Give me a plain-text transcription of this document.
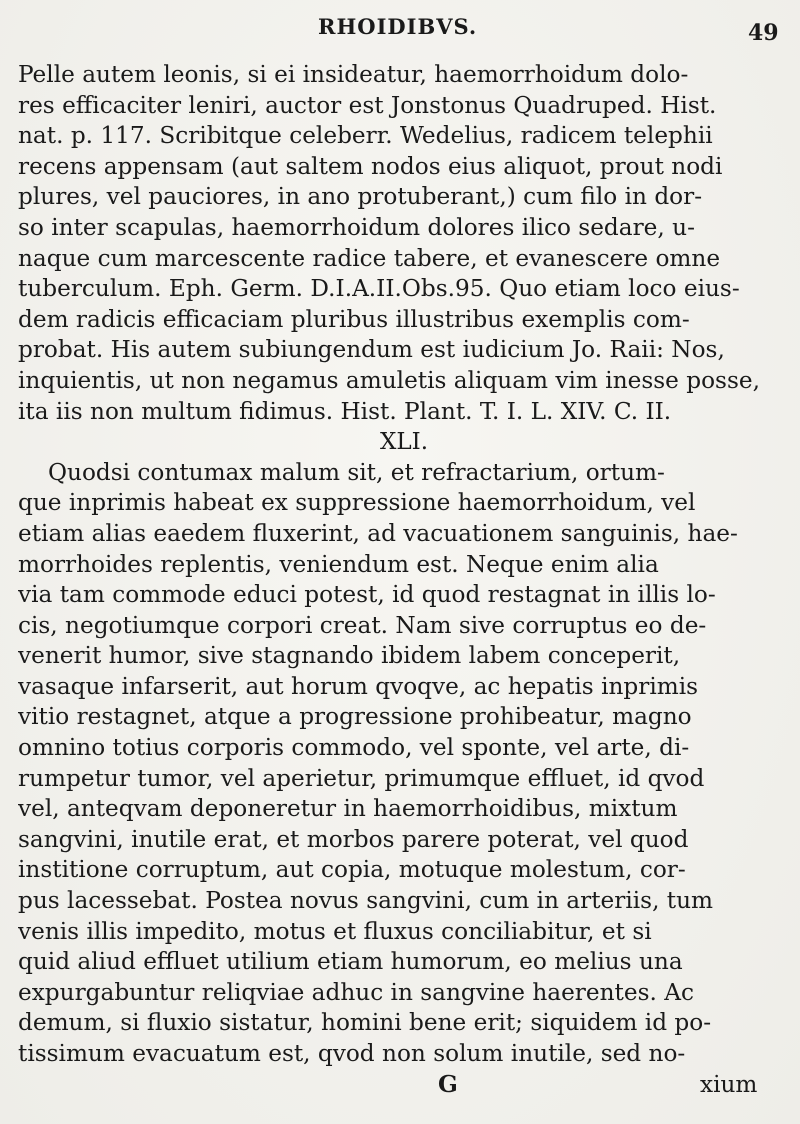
RHOIDIBVS.	49
Pelle autem leonis, si ei insideatur, haemorrhoidum dolo-
res efficaciter leniri, auctor est Jonstonus Quadruped. Hist.
nat. p. 117. Scribitque celeberr. Wedelius, radicem telephii
recens appensam (aut saltem nodos eius aliquot, prout nodi
plures, vel pauciores, in ano protuberant,) cum filo in dor-
so inter scapulas, haemorrhoidum dolores ilico sedare, u-
naque cum marcescente radice tabere, et evanescere omne
tuberculum. Eph. Germ. D.I.A.II.Obs.95. Quo etiam loco eius-
dem radicis efficaciam pluribus illustribus exemplis com-
probat. His autem subiungendum est iudicium Jo. Raii: Nos,
inquientis, ut non negamus amuletis aliquam vim inesse posse,
ita iis non multum fidimus. Hist. Plant. T. I. L. XIV. C. II.
XLI.
Quodsi contumax malum sit, et refractarium, ortum-
que inprimis habeat ex suppressione haemorrhoidum, vel
etiam alias eaedem fluxerint, ad vacuationem sanguinis, hae-
morrhoides replentis, veniendum est. Neque enim alia
via tam commode educi potest, id quod restagnat in illis lo-
cis, negotiumque corpori creat. Nam sive corruptus eo de-
venerit humor, sive stagnando ibidem labem conceperit,
vasaque infarserit, aut horum qvoqve, ac hepatis inprimis
vitio restagnet, atque a progressione prohibeatur, magno
omnino totius corporis commodo, vel sponte, vel arte, di-
rumpetur tumor, vel aperietur, primumque effluet, id qvod
vel, anteqvam deponeretur in haemorrhoidibus, mixtum
sangvini, inutile erat, et morbos parere poterat, vel quod
institione corruptum, aut copia, motuque molestum, cor-
pus lacessebat. Postea novus sangvini, cum in arteriis, tum
venis illis impedito, motus et fluxus conciliabitur, et si
quid aliud effluet utilium etiam humorum, eo melius una
expurgabuntur reliqviae adhuc in sangvine haerentes. Ac
demum, si fluxio sistatur, homini bene erit; siquidem id po-
tissimum evacuatum est, qvod non solum inutile, sed no-
G	xium
